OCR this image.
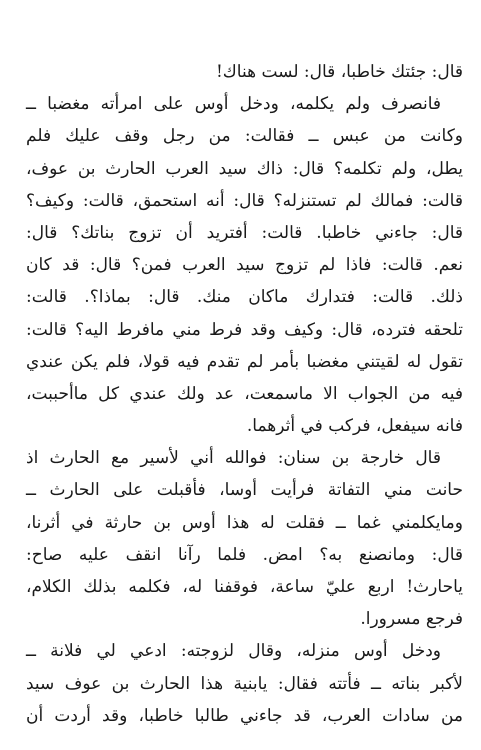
قال: جئتك خاطبا، قال: لست هناك!
فانصرف ولم يكلمه، ودخل أوس على امرأته مغضبا ــ
وكانت من عبس ــ فقالت: من رجل وقف عليك فلم
يطل، ولم تكلمه؟ قال: ذاك سيد العرب الحارث بن عوف،
قالت: فمالك لم تستنزله؟ قال: أنه استحمق، قالت: وكيف؟
قال: جاءني خاطبا. قالت: أفتريد أن تزوج بناتك؟ قال:
نعم. قالت: فاذا لم تزوج سيد العرب فمن؟ قال: قد كان
ذلك. قالت: فتدارك ماكان منك. قال: بماذا؟. قالت:
تلحقه فترده، قال: وكيف وقد فرط مني مافرط اليه؟ قالت:
تقول له لقيتني مغضبا بأمر لم تقدم فيه قولا، فلم يكن عندي
فيه من الجواب الا ماسمعت، عد ولك عندي كل ماأحببت،
فانه سيفعل، فركب في أثرهما.
قال خارجة بن سنان: فوالله أني لأسير مع الحارث اذ
حانت مني التفاتة فرأيت أوسا، فأقبلت على الحارث ــ
ومايكلمني غما ــ فقلت له هذا أوس بن حارثة في أثرنا،
قال: ومانصنع به؟ امض. فلما رآنا انقف عليه صاح:
ياحارث! اربع عليّ ساعة، فوقفنا له، فكلمه بذلك الكلام،
فرجع مسرورا.
ودخل أوس منزله، وقال لزوجته: ادعي لي فلانة ــ
لأكبر بناته ــ فأتته فقال: يابنية هذا الحارث بن عوف سيد
من سادات العرب، قد جاءني طالبا خاطبا، وقد أردت أن
